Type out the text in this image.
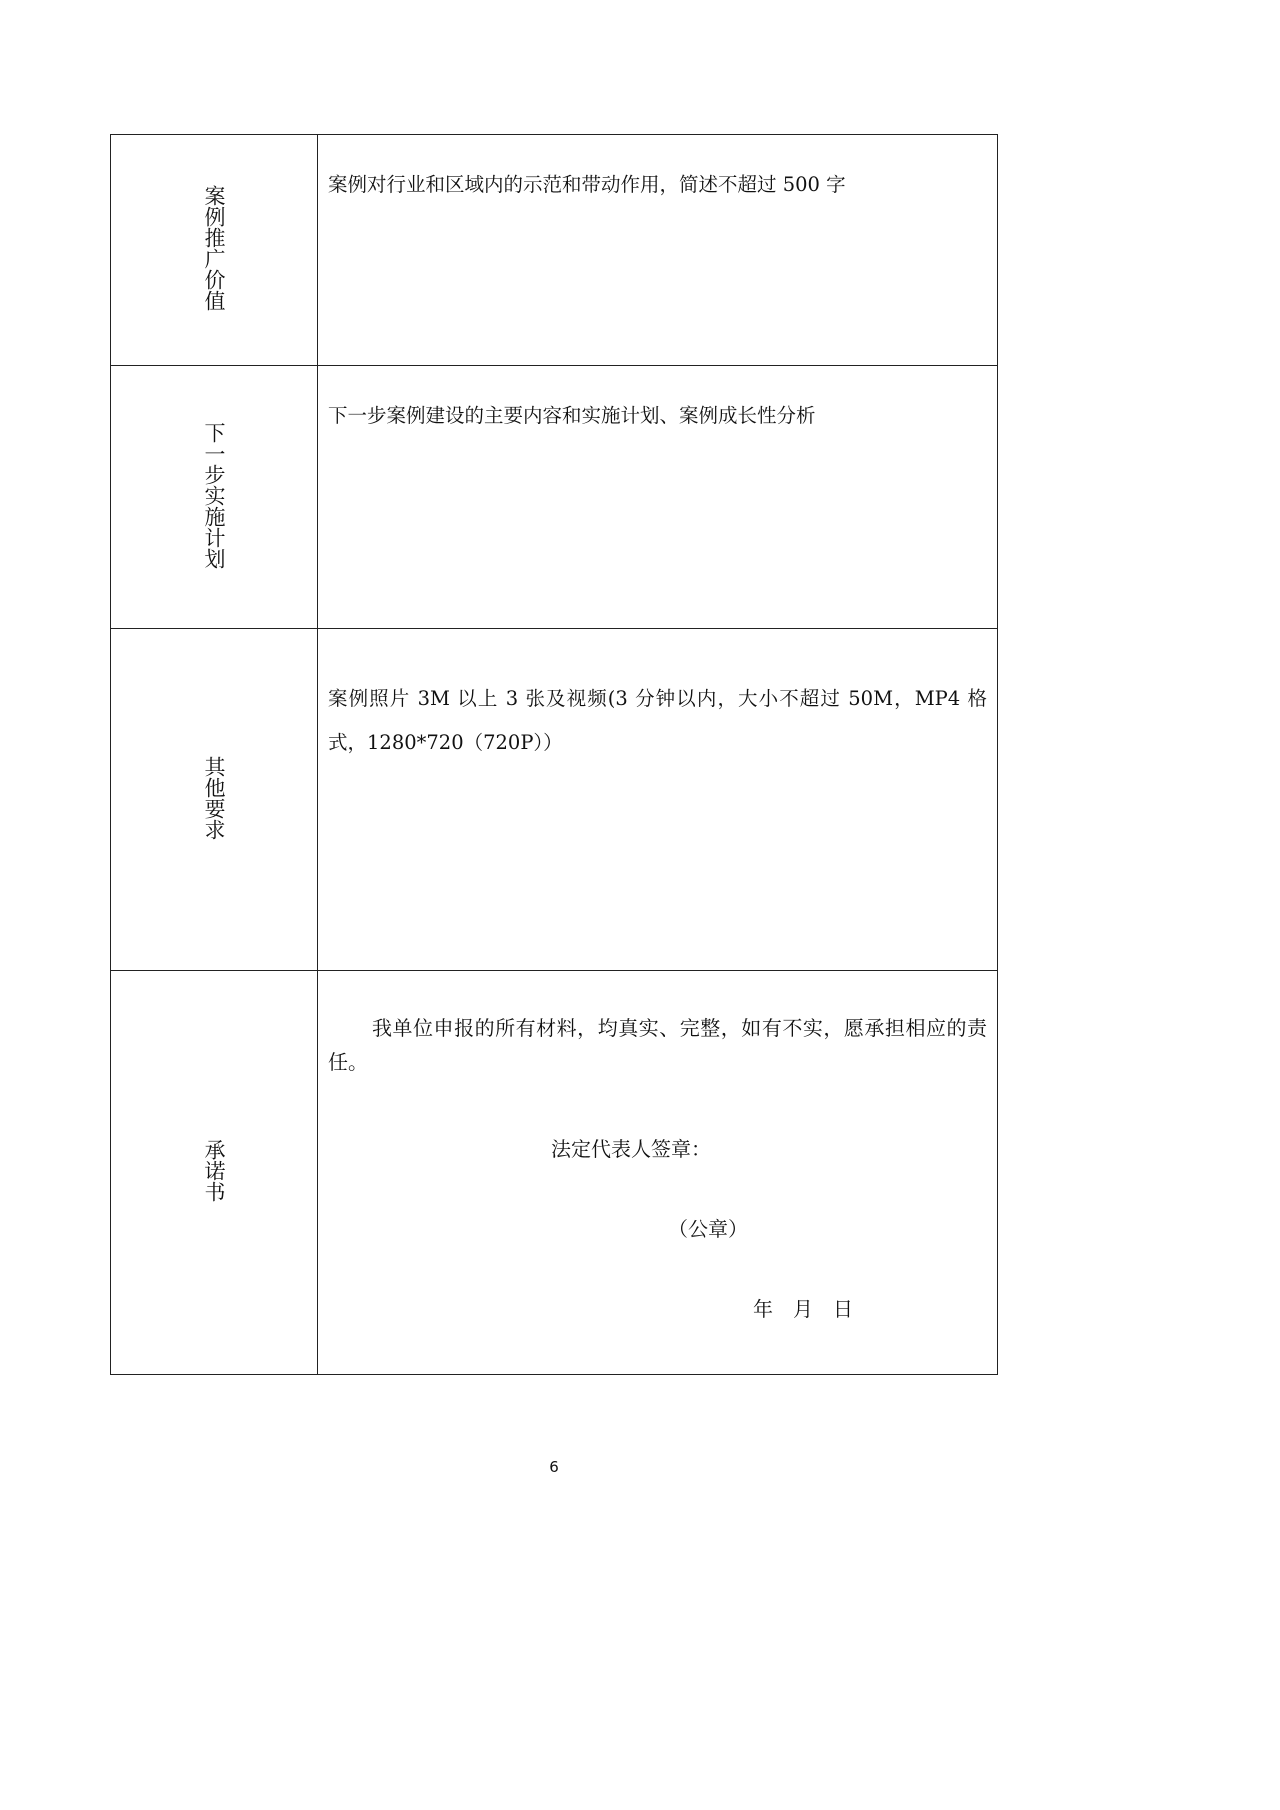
案例推广价值	案例对行业和区域内的示范和带动作用，简述不超过 500 字

下一步实施计划	下一步案例建设的主要内容和实施计划、案例成长性分析

其他要求	案例照片 3M 以上 3 张及视频(3 分钟以内，大小不超过 50M，MP4 格式，1280*720（720P））

承诺书	我单位申报的所有材料，均真实、完整，如有不实，愿承担相应的责任。
法定代表人签章：
（公章）
年　月　日
6
